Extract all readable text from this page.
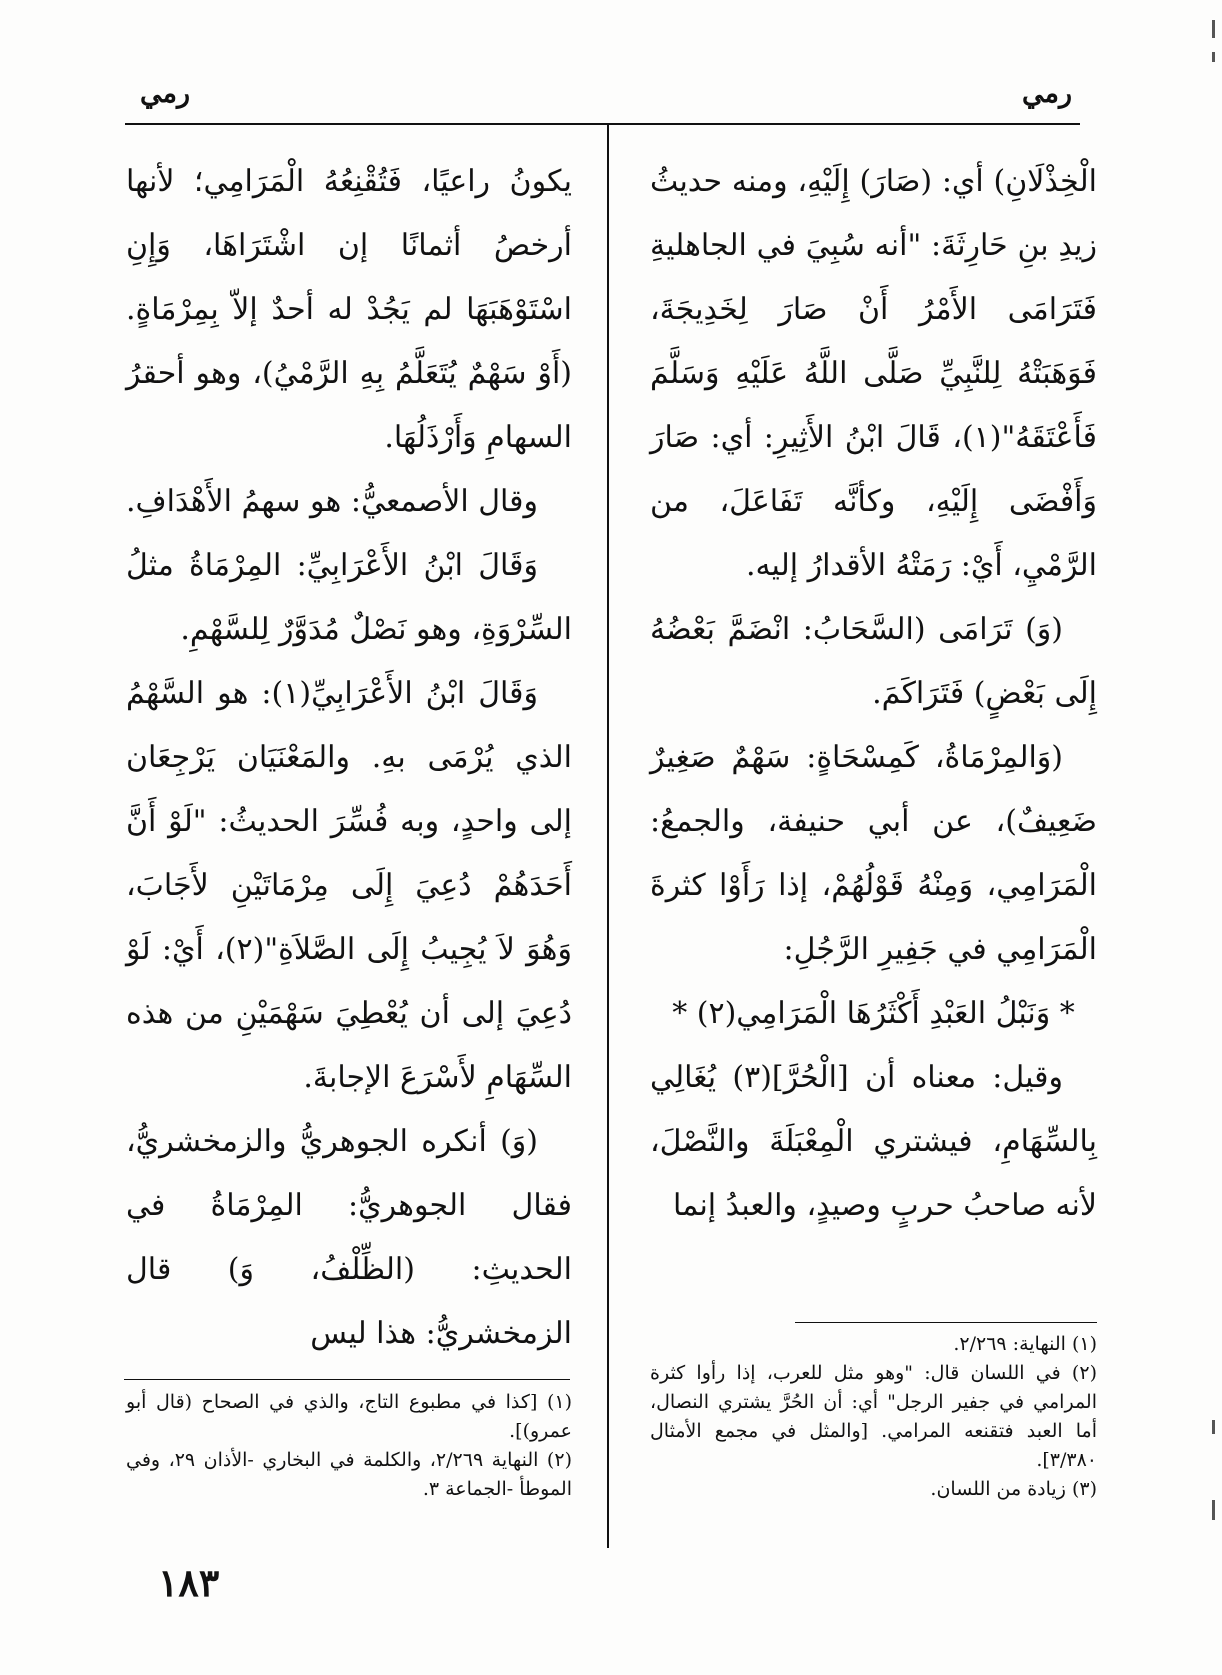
رمي
رمي

الْخِذْلَانِ) أي: (صَارَ) إِلَيْهِ، ومنه حديثُ زيدِ بنِ حَارِثَةَ: "أنه سُبِيَ في الجاهليةِ فَتَرَامَى الأَمْرُ أَنْ صَارَ لِخَدِيجَةَ، فَوَهَبَتْهُ لِلنَّبِيِّ صَلَّى اللَّهُ عَلَيْهِ وَسَلَّمَ فَأَعْتَقَهُ"(١)، قَالَ ابْنُ الأَثِيرِ: أي: صَارَ وَأَفْضَى إِلَيْهِ، وكأنَّه تَفَاعَلَ، من الرَّمْيِ، أَيْ: رَمَتْهُ الأقدارُ إليه.

(وَ) تَرَامَى (السَّحَابُ: انْضَمَّ بَعْضُهُ إِلَى بَعْضٍ) فَتَرَاكَمَ.

(وَالمِرْمَاةُ، كَمِسْحَاةٍ: سَهْمٌ صَغِيرٌ ضَعِيفٌ)، عن أبي حنيفة، والجمعُ: الْمَرَامِي، وَمِنْهُ قَوْلُهُمْ، إذا رَأَوْا كثرةَ الْمَرَامِي في جَفِيرِ الرَّجُلِ:

* وَنَبْلُ العَبْدِ أَكْثَرُهَا الْمَرَامِي(٢) *

وقيل: معناه أن [الْحُرَّ](٣) يُغَالِي بِالسِّهَامِ، فيشتري الْمِعْبَلَةَ والنَّصْلَ، لأنه صاحبُ حربٍ وصيدٍ، والعبدُ إنما

يكونُ راعيًا، فَتُقْنِعُهُ الْمَرَامِي؛ لأنها أرخصُ أثمانًا إن اشْتَرَاهَا، وَإِنِ اسْتَوْهَبَهَا لم يَجُدْ له أحدٌ إلاّ بِمِرْمَاةٍ. (أَوْ سَهْمٌ يُتَعَلَّمُ بِهِ الرَّمْيُ)، وهو أحقرُ السهامِ وَأَرْذَلُهَا.

وقال الأصمعيُّ: هو سهمُ الأَهْدَافِ.

وَقَالَ ابْنُ الأَعْرَابِيِّ: المِرْمَاةُ مثلُ السِّرْوَةِ، وهو نَصْلٌ مُدَوَّرٌ لِلسَّهْمِ.

وَقَالَ ابْنُ الأَعْرَابِيِّ(١): هو السَّهْمُ الذي يُرْمَى بهِ. والمَعْنَيَان يَرْجِعَان إلى واحدٍ، وبه فُسِّرَ الحديثُ: "لَوْ أَنَّ أَحَدَهُمْ دُعِيَ إِلَى مِرْمَاتَيْنِ لأَجَابَ، وَهُوَ لاَ يُجِيبُ إِلَى الصَّلاَةِ"(٢)، أَيْ: لَوْ دُعِيَ إلى أن يُعْطِيَ سَهْمَيْنِ من هذه السِّهَامِ لأَسْرَعَ الإجابةَ.

(وَ) أنكره الجوهريُّ والزمخشريُّ، فقال الجوهريُّ: المِرْمَاةُ في الحديثِ: (الظِّلْفُ، وَ) قال الزمخشريُّ: هذا ليس	(١) النهاية: ٢/٢٦٩.

(٢) في اللسان قال: "وهو مثل للعرب، إذا رأوا كثرة المرامي في جفير الرجل" أي: أن الحُرَّ يشتري النصال، أما العبد فتقنعه المرامي. [والمثل في مجمع الأمثال ٣/٣٨٠].

(٣) زيادة من اللسان.

(١) [كذا في مطبوع التاج، والذي في الصحاح (قال أبو عمرو)].

(٢) النهاية ٢/٢٦٩، والكلمة في البخاري -الأذان ٢٩، وفي الموطأ -الجماعة ٣.

١٨٣
